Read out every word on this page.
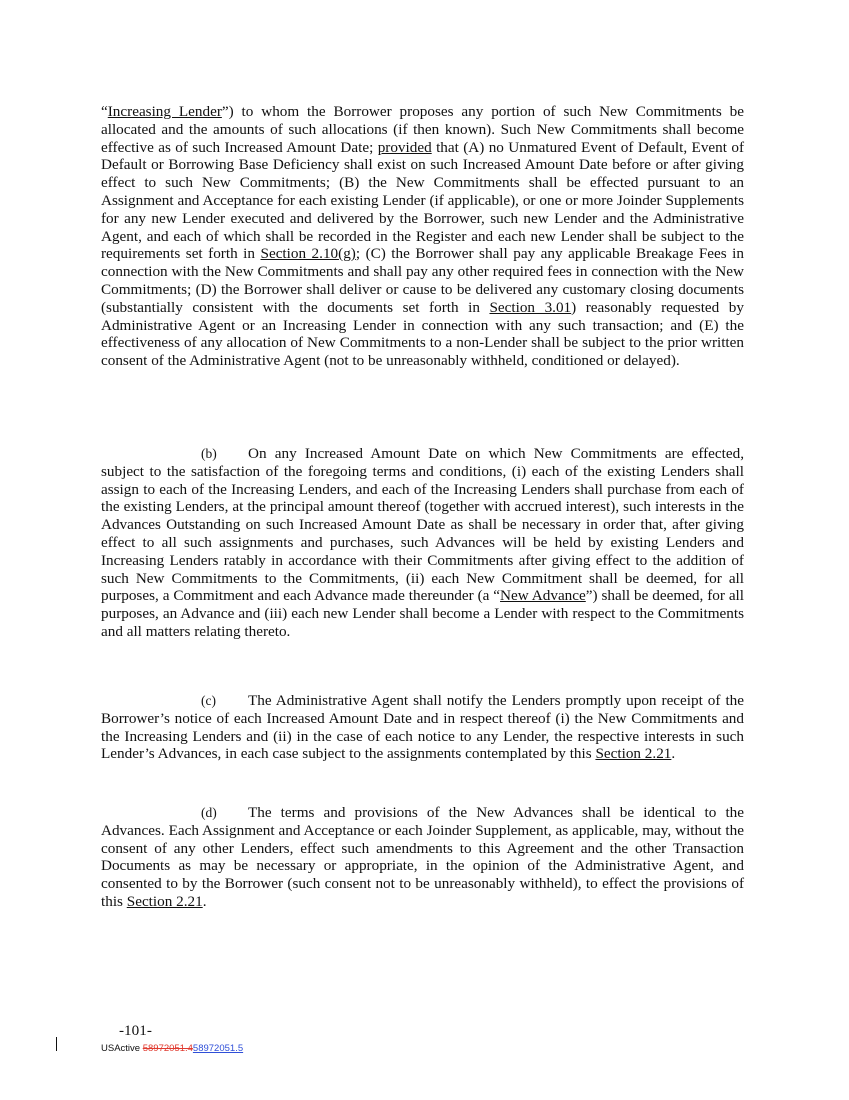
“Increasing Lender”) to whom the Borrower proposes any portion of such New Commitments be allocated and the amounts of such allocations (if then known). Such New Commitments shall become effective as of such Increased Amount Date; provided that (A) no Unmatured Event of Default, Event of Default or Borrowing Base Deficiency shall exist on such Increased Amount Date before or after giving effect to such New Commitments; (B) the New Commitments shall be effected pursuant to an Assignment and Acceptance for each existing Lender (if applicable), or one or more Joinder Supplements for any new Lender executed and delivered by the Borrower, such new Lender and the Administrative Agent, and each of which shall be recorded in the Register and each new Lender shall be subject to the requirements set forth in Section 2.10(g); (C) the Borrower shall pay any applicable Breakage Fees in connection with the New Commitments and shall pay any other required fees in connection with the New Commitments; (D) the Borrower shall deliver or cause to be delivered any customary closing documents (substantially consistent with the documents set forth in Section 3.01) reasonably requested by Administrative Agent or an Increasing Lender in connection with any such transaction; and (E) the effectiveness of any allocation of New Commitments to a non-Lender shall be subject to the prior written consent of the Administrative Agent (not to be unreasonably withheld, conditioned or delayed).

(b) On any Increased Amount Date on which New Commitments are effected, subject to the satisfaction of the foregoing terms and conditions, (i) each of the existing Lenders shall assign to each of the Increasing Lenders, and each of the Increasing Lenders shall purchase from each of the existing Lenders, at the principal amount thereof (together with accrued interest), such interests in the Advances Outstanding on such Increased Amount Date as shall be necessary in order that, after giving effect to all such assignments and purchases, such Advances will be held by existing Lenders and Increasing Lenders ratably in accordance with their Commitments after giving effect to the addition of such New Commitments to the Commitments, (ii) each New Commitment shall be deemed, for all purposes, a Commitment and each Advance made thereunder (a “New Advance”) shall be deemed, for all purposes, an Advance and (iii) each new Lender shall become a Lender with respect to the Commitments and all matters relating thereto.

(c) The Administrative Agent shall notify the Lenders promptly upon receipt of the Borrower’s notice of each Increased Amount Date and in respect thereof (i) the New Commitments and the Increasing Lenders and (ii) in the case of each notice to any Lender, the respective interests in such Lender’s Advances, in each case subject to the assignments contemplated by this Section 2.21.

(d) The terms and provisions of the New Advances shall be identical to the Advances. Each Assignment and Acceptance or each Joinder Supplement, as applicable, may, without the consent of any other Lenders, effect such amendments to this Agreement and the other Transaction Documents as may be necessary or appropriate, in the opinion of the Administrative Agent, and consented to by the Borrower (such consent not to be unreasonably withheld), to effect the provisions of this Section 2.21.

-101-
USActive 58972051.458972051.5
